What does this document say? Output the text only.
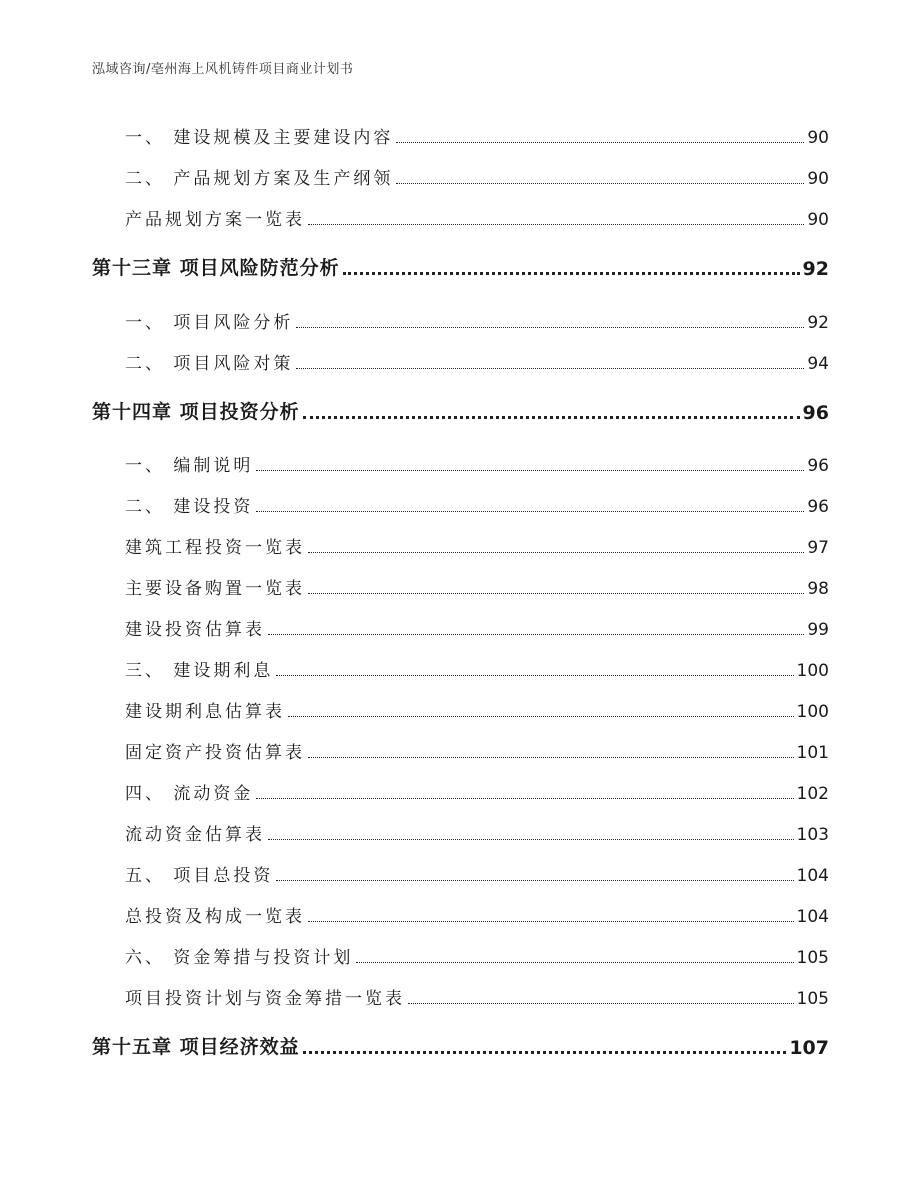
泓域咨询/亳州海上风机铸件项目商业计划书
一、 建设规模及主要建设内容	90
二、 产品规划方案及生产纲领	90
产品规划方案一览表	90
第十三章 项目风险防范分析	92
一、 项目风险分析	92
二、 项目风险对策	94
第十四章 项目投资分析	96
一、 编制说明	96
二、 建设投资	96
建筑工程投资一览表	97
主要设备购置一览表	98
建设投资估算表	99
三、 建设期利息	100
建设期利息估算表	100
固定资产投资估算表	101
四、 流动资金	102
流动资金估算表	103
五、 项目总投资	104
总投资及构成一览表	104
六、 资金筹措与投资计划	105
项目投资计划与资金筹措一览表	105
第十五章 项目经济效益	107
